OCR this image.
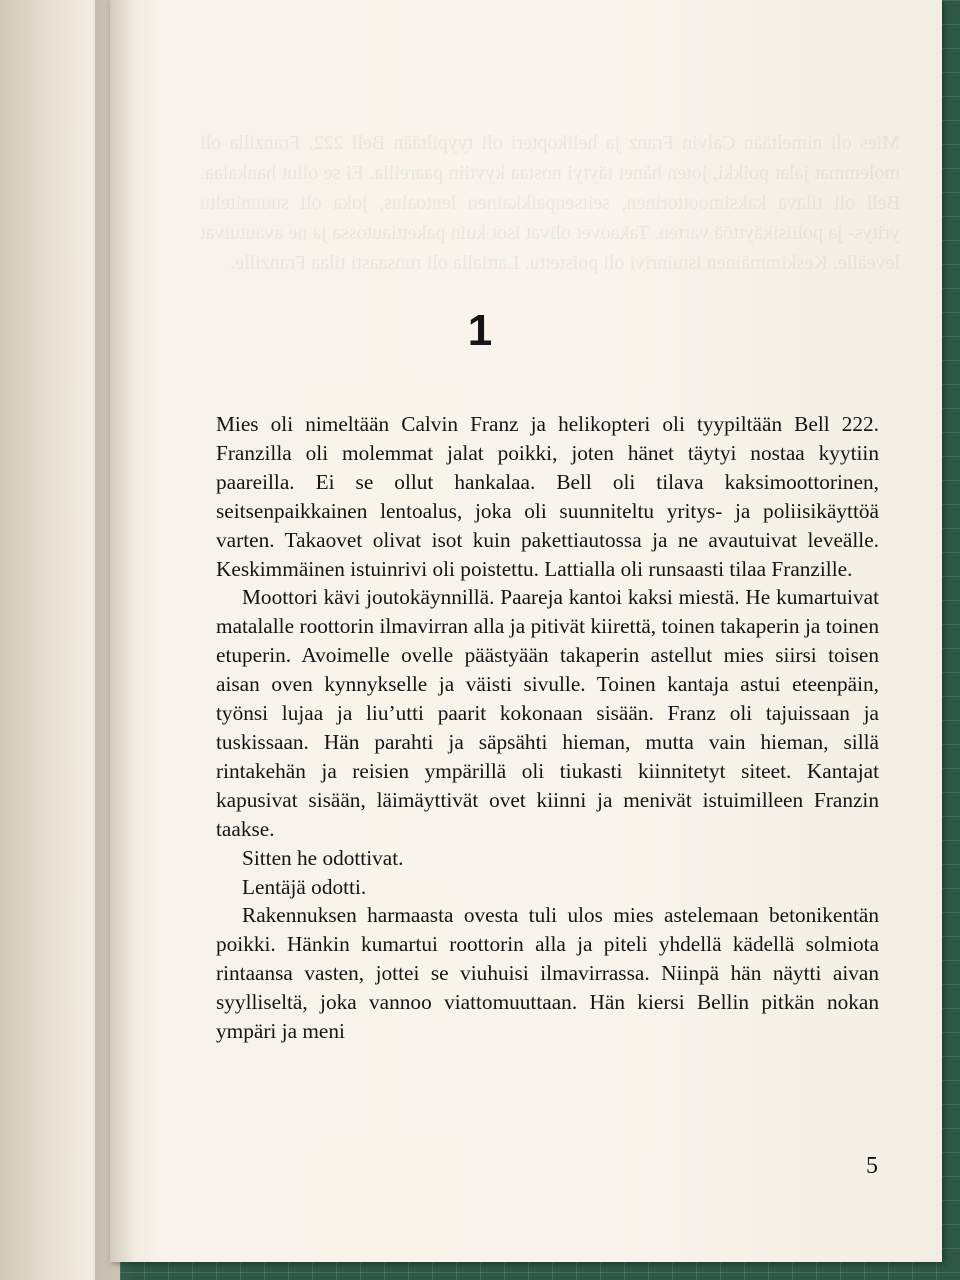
Mies oli nimeltään Calvin Franz ja helikopteri oli tyypiltään Bell 222. Franzilla oli molemmat jalat poikki, joten hänet täytyi nostaa kyytiin paareilla. Ei se ollut hankalaa. Bell oli tilava kaksimoottorinen, seitsenpaikkainen lentoalus, joka oli suunniteltu yritys- ja poliisikäyttöä varten. Takaovet olivat isot kuin pakettiautossa ja ne avautuivat leveälle. Keskimmäinen istuinrivi oli poistettu. Lattialla oli runsaasti tilaa Franzille.
1

Mies oli nimeltään Calvin Franz ja helikopteri oli tyypiltään Bell 222. Franzilla oli molemmat jalat poikki, joten hänet täytyi nostaa kyytiin paareilla. Ei se ollut hankalaa. Bell oli tilava kaksimoottorinen, seitsenpaikkainen lentoalus, joka oli suunniteltu yritys- ja poliisikäyttöä varten. Takaovet olivat isot kuin pakettiautossa ja ne avautuivat leveälle. Keskimmäinen istuinrivi oli poistettu. Lattialla oli runsaasti tilaa Franzille.

Moottori kävi joutokäynnillä. Paareja kantoi kaksi miestä. He kumartuivat matalalle roottorin ilmavirran alla ja pitivät kiirettä, toinen takaperin ja toinen etuperin. Avoimelle ovelle päästyään takaperin astellut mies siirsi toisen aisan oven kynnykselle ja väisti sivulle. Toinen kantaja astui eteenpäin, työnsi lujaa ja liu’utti paarit kokonaan sisään. Franz oli tajuissaan ja tuskissaan. Hän parahti ja säpsähti hieman, mutta vain hieman, sillä rintakehän ja reisien ympärillä oli tiukasti kiinnitetyt siteet. Kantajat kapusivat sisään, läimäyttivät ovet kiinni ja menivät istuimilleen Franzin taakse.

Sitten he odottivat.

Lentäjä odotti.

Rakennuksen harmaasta ovesta tuli ulos mies astelemaan betonikentän poikki. Hänkin kumartui roottorin alla ja piteli yhdellä kädellä solmiota rintaansa vasten, jottei se viuhuisi ilmavirrassa. Niinpä hän näytti aivan syylliseltä, joka vannoo viattomuuttaan. Hän kiersi Bellin pitkän nokan ympäri ja meni

5
